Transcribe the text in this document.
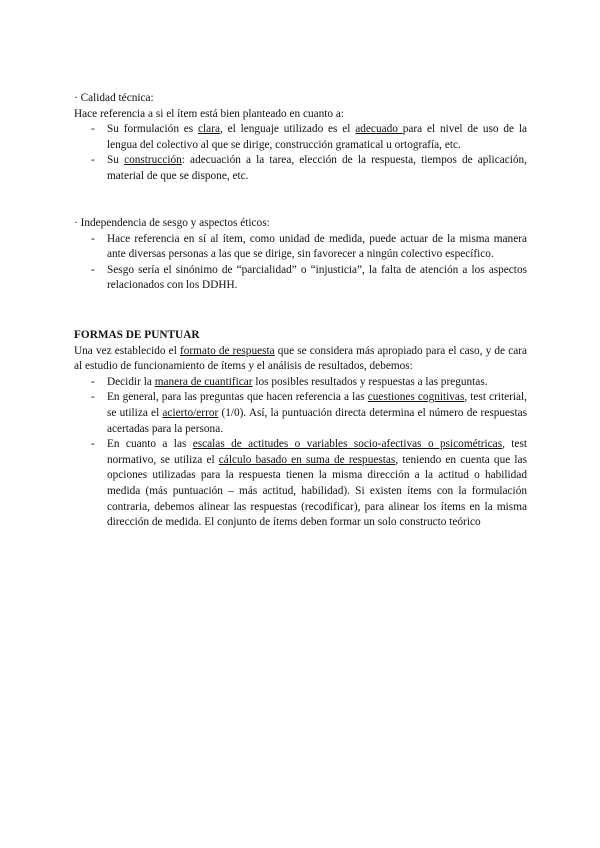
· Calidad técnica:

Hace referencia a si el ítem está bien planteado en cuanto a:

- Su formulación es clara, el lenguaje utilizado es el adecuado para el nivel de uso de la lengua del colectivo al que se dirige, construcción gramatical u ortografía, etc.
- Su construcción: adecuación a la tarea, elección de la respuesta, tiempos de aplicación, material de que se dispone, etc.

· Independencia de sesgo y aspectos éticos:

- Hace referencia en sí al ítem, como unidad de medida, puede actuar de la misma manera ante diversas personas a las que se dirige, sin favorecer a ningún colectivo específico.
- Sesgo sería el sinónimo de “parcialidad” o “injusticia”, la falta de atención a los aspectos relacionados con los DDHH.

FORMAS DE PUNTUAR

Una vez establecido el formato de respuesta que se considera más apropiado para el caso, y de cara al estudio de funcionamiento de ítems y el análisis de resultados, debemos:

- Decidir la manera de cuantificar los posibles resultados y respuestas a las preguntas.
- En general, para las preguntas que hacen referencia a las cuestiones cognitivas, test criterial, se utiliza el acierto/error (1/0). Así, la puntuación directa determina el número de respuestas acertadas para la persona.
- En cuanto a las escalas de actitudes o variables socio-afectivas o psicométricas, test normativo, se utiliza el cálculo basado en suma de respuestas, teniendo en cuenta que las opciones utilizadas para la respuesta tienen la misma dirección a la actitud o habilidad medida (más puntuación – más actitud, habilidad). Si existen ítems con la formulación contraria, debemos alinear las respuestas (recodificar), para alinear los ítems en la misma dirección de medida. El conjunto de ítems deben formar un solo constructo teórico
